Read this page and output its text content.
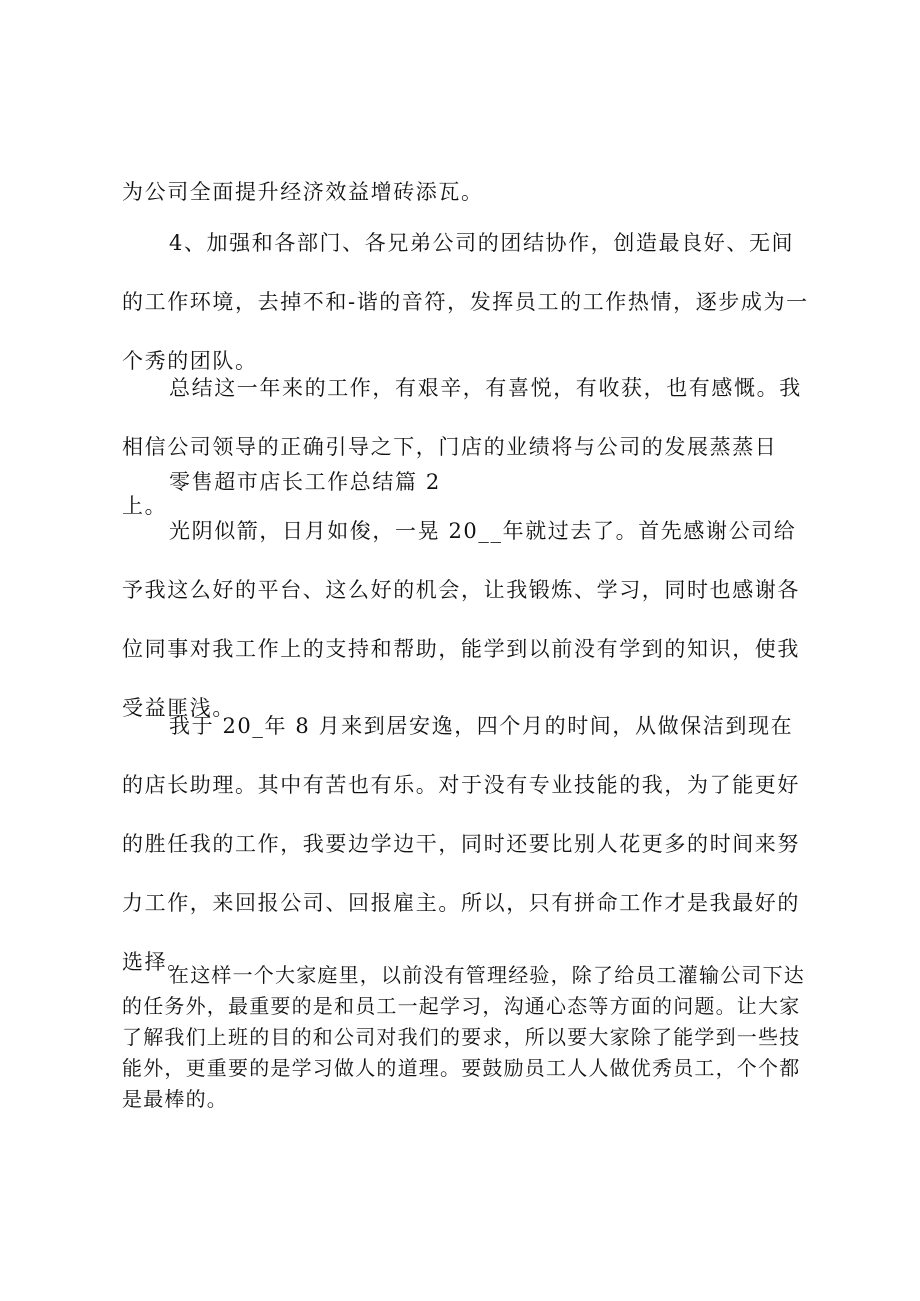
为公司全面提升经济效益增砖添瓦。

4、加强和各部门、各兄弟公司的团结协作，创造最良好、无间的工作环境，去掉不和-谐的音符，发挥员工的工作热情，逐步成为一个秀的团队。

总结这一年来的工作，有艰辛，有喜悦，有收获，也有感慨。我相信公司领导的正确引导之下，门店的业绩将与公司的发展蒸蒸日上。

零售超市店长工作总结篇 2

光阴似箭，日月如俊，一晃 20__年就过去了。首先感谢公司给予我这么好的平台、这么好的机会，让我锻炼、学习，同时也感谢各位同事对我工作上的支持和帮助，能学到以前没有学到的知识，使我受益匪浅。

我于 20_年 8 月来到居安逸，四个月的时间，从做保洁到现在的店长助理。其中有苦也有乐。对于没有专业技能的我，为了能更好的胜任我的工作，我要边学边干，同时还要比别人花更多的时间来努力工作，来回报公司、回报雇主。所以，只有拼命工作才是我最好的选择。

在这样一个大家庭里，以前没有管理经验，除了给员工灌输公司下达的任务外，最重要的是和员工一起学习，沟通心态等方面的问题。让大家了解我们上班的目的和公司对我们的要求，所以要大家除了能学到一些技能外，更重要的是学习做人的道理。要鼓励员工人人做优秀员工，个个都是最棒的。
